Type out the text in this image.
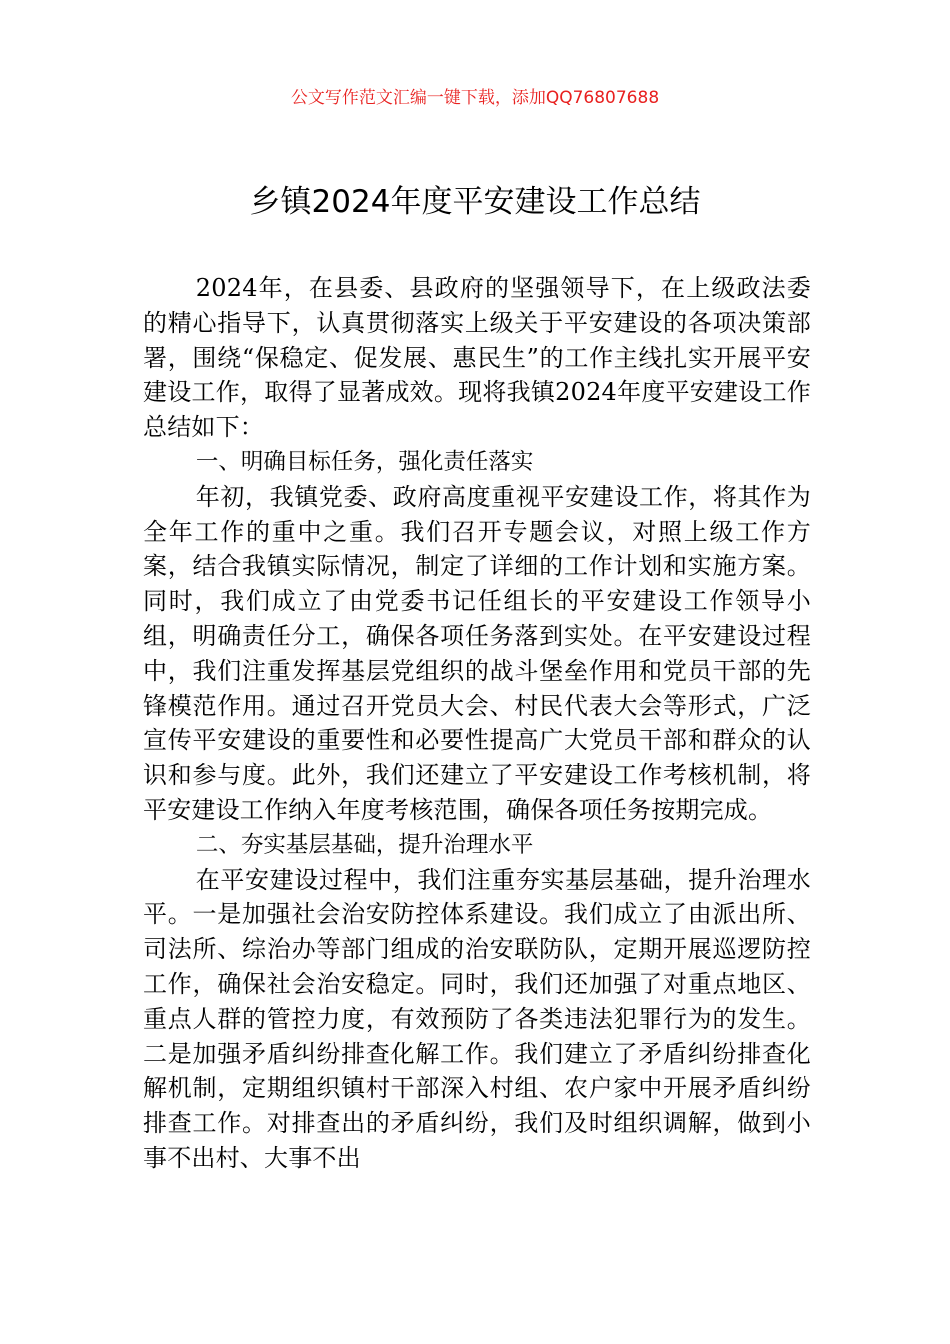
公文写作范文汇编一键下载，添加QQ76807688
乡镇2024年度平安建设工作总结

2024年，在县委、县政府的坚强领导下，在上级政法委的精心指导下，认真贯彻落实上级关于平安建设的各项决策部署，围绕“保稳定、促发展、惠民生”的工作主线扎实开展平安建设工作，取得了显著成效。现将我镇2024年度平安建设工作总结如下：

一、明确目标任务，强化责任落实

年初，我镇党委、政府高度重视平安建设工作，将其作为全年工作的重中之重。我们召开专题会议，对照上级工作方案，结合我镇实际情况，制定了详细的工作计划和实施方案。同时，我们成立了由党委书记任组长的平安建设工作领导小组，明确责任分工，确保各项任务落到实处。在平安建设过程中，我们注重发挥基层党组织的战斗堡垒作用和党员干部的先锋模范作用。通过召开党员大会、村民代表大会等形式，广泛宣传平安建设的重要性和必要性提高广大党员干部和群众的认识和参与度。此外，我们还建立了平安建设工作考核机制，将平安建设工作纳入年度考核范围，确保各项任务按期完成。

二、夯实基层基础，提升治理水平

在平安建设过程中，我们注重夯实基层基础，提升治理水平。一是加强社会治安防控体系建设。我们成立了由派出所、司法所、综治办等部门组成的治安联防队，定期开展巡逻防控工作，确保社会治安稳定。同时，我们还加强了对重点地区、重点人群的管控力度，有效预防了各类违法犯罪行为的发生。二是加强矛盾纠纷排查化解工作。我们建立了矛盾纠纷排查化解机制，定期组织镇村干部深入村组、农户家中开展矛盾纠纷排查工作。对排查出的矛盾纠纷，我们及时组织调解，做到小事不出村、大事不出
